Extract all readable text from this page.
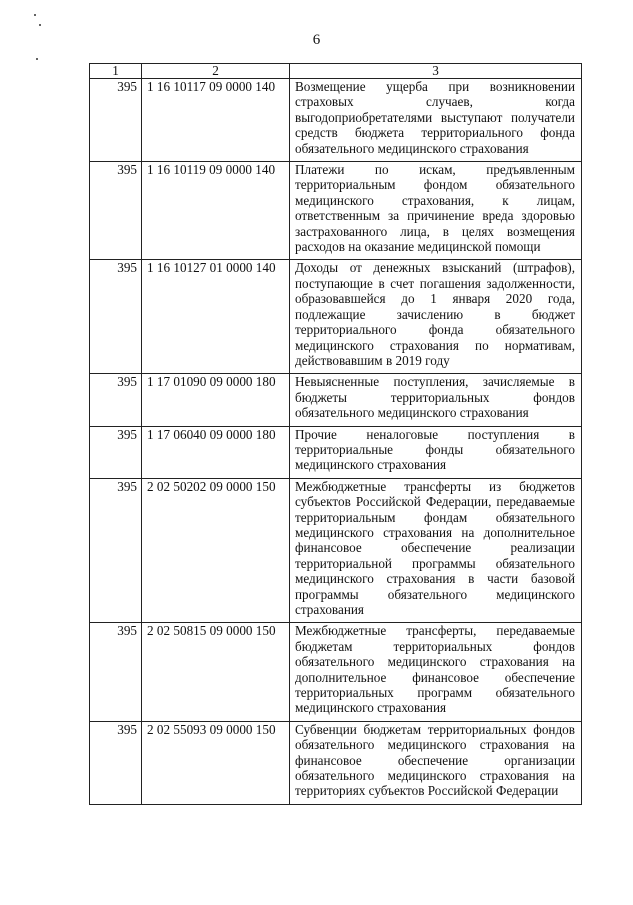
6
1	2	3
395	1 16 10117 09 0000 140	Возмещение ущерба при возникновении страховых случаев, когда выгодоприобретателями выступают получатели средств бюджета территориального фонда обязательного медицинского страхования
395	1 16 10119 09 0000 140	Платежи по искам, предъявленным территориальным фондом обязательного медицинского страхования, к лицам, ответственным за причинение вреда здоровью застрахованного лица, в целях возмещения расходов на оказание медицинской помощи
395	1 16 10127 01 0000 140	Доходы от денежных взысканий (штрафов), поступающие в счет погашения задолженности, образовавшейся до 1 января 2020 года, подлежащие зачислению в бюджет территориального фонда обязательного медицинского страхования по нормативам, действовавшим в 2019 году
395	1 17 01090 09 0000 180	Невыясненные поступления, зачисляемые в бюджеты территориальных фондов обязательного медицинского страхования
395	1 17 06040 09 0000 180	Прочие неналоговые поступления в территориальные фонды обязательного медицинского страхования
395	2 02 50202 09 0000 150	Межбюджетные трансферты из бюджетов субъектов Российской Федерации, передаваемые территориальным фондам обязательного медицинского страхования на дополнительное финансовое обеспечение реализации территориальной программы обязательного медицинского страхования в части базовой программы обязательного медицинского страхования
395	2 02 50815 09 0000 150	Межбюджетные трансферты, передаваемые бюджетам территориальных фондов обязательного медицинского страхования на дополнительное финансовое обеспечение территориальных программ обязательного медицинского страхования
395	2 02 55093 09 0000 150	Субвенции бюджетам территориальных фондов обязательного медицинского страхования на финансовое обеспечение организации обязательного медицинского страхования на территориях субъектов Российской Федерации
